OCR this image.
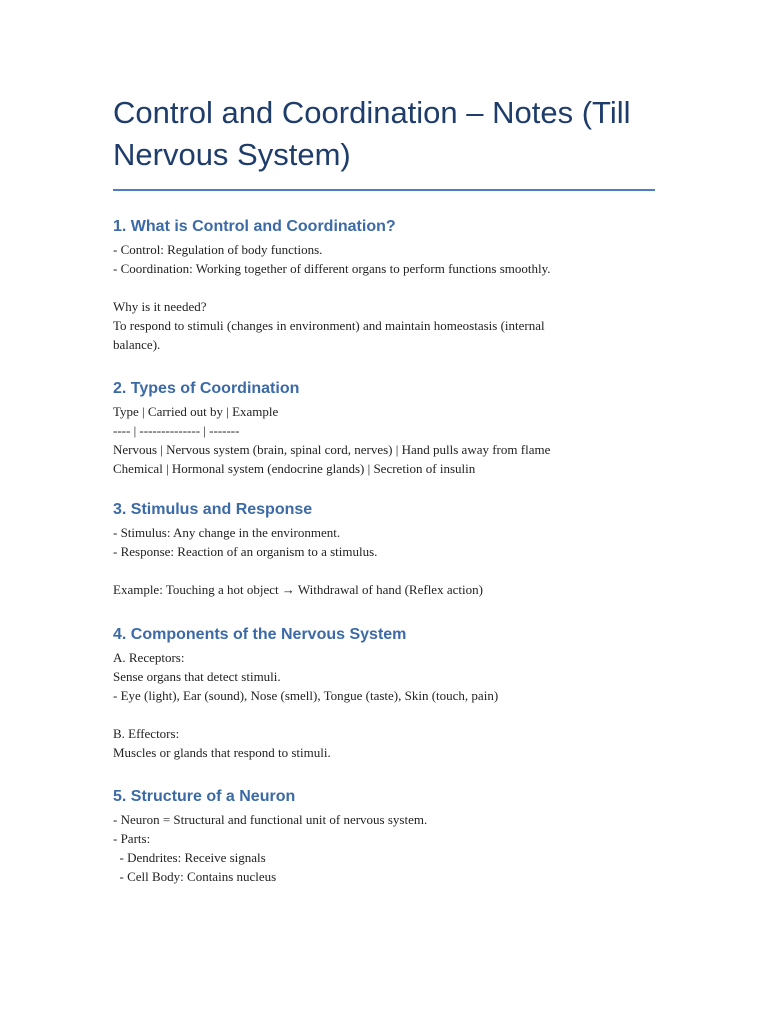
Control and Coordination – Notes (Till Nervous System)
1. What is Control and Coordination?

- Control: Regulation of body functions.

- Coordination: Working together of different organs to perform functions smoothly.

Why is it needed?

To respond to stimuli (changes in environment) and maintain homeostasis (internal

balance).

2. Types of Coordination

Type | Carried out by | Example

---- | -------------- | -------

Nervous | Nervous system (brain, spinal cord, nerves) | Hand pulls away from flame

Chemical | Hormonal system (endocrine glands) | Secretion of insulin

3. Stimulus and Response

- Stimulus: Any change in the environment.

- Response: Reaction of an organism to a stimulus.

Example: Touching a hot object → Withdrawal of hand (Reflex action)

4. Components of the Nervous System

A. Receptors:

Sense organs that detect stimuli.

- Eye (light), Ear (sound), Nose (smell), Tongue (taste), Skin (touch, pain)

B. Effectors:

Muscles or glands that respond to stimuli.

5. Structure of a Neuron

- Neuron = Structural and functional unit of nervous system.

- Parts:

- Dendrites: Receive signals

- Cell Body: Contains nucleus
